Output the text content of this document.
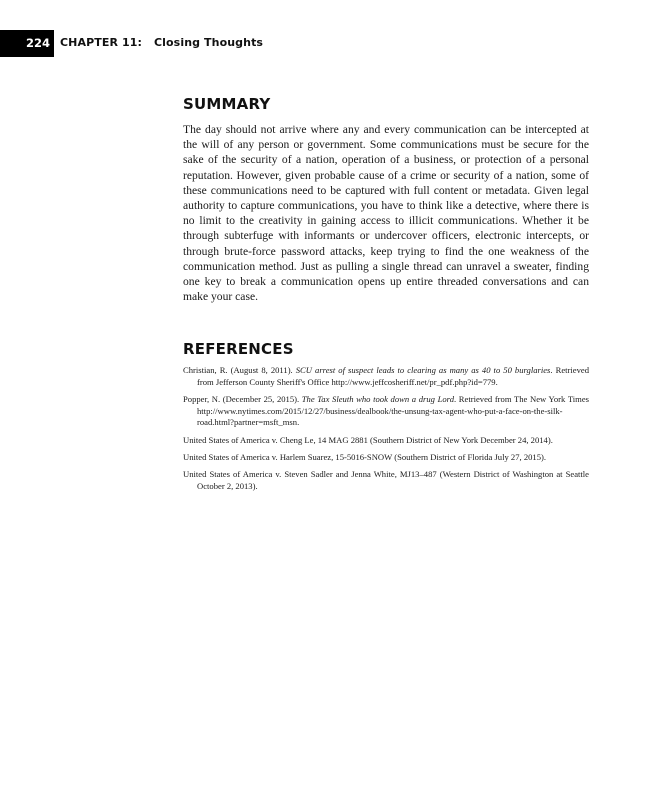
224 CHAPTER 11: Closing Thoughts
SUMMARY

The day should not arrive where any and every communication can be intercepted at the will of any person or government. Some communications must be secure for the sake of the security of a nation, operation of a business, or protection of a personal reputation. However, given probable cause of a crime or security of a nation, some of these communications need to be captured with full content or metadata. Given legal authority to capture communications, you have to think like a detective, where there is no limit to the creativity in gaining access to illicit communications. Whether it be through subterfuge with informants or undercover officers, electronic intercepts, or through brute-force password attacks, keep trying to find the one weakness of the communication method. Just as pulling a single thread can unravel a sweater, finding one key to break a communication opens up entire threaded conversations and can make your case.

REFERENCES
Christian, R. (August 8, 2011). SCU arrest of suspect leads to clearing as many as 40 to 50 burglaries. Retrieved from Jefferson County Sheriff's Office http://www.jeffcosheriff.net/pr_pdf.php?id=779.
Popper, N. (December 25, 2015). The Tax Sleuth who took down a drug Lord. Retrieved from The New York Times http://www.nytimes.com/2015/12/27/business/dealbook/the-unsung-tax-agent-who-put-a-face-on-the-silk-road.html?partner=msft_msn.
United States of America v. Cheng Le, 14 MAG 2881 (Southern District of New York December 24, 2014).
United States of America v. Harlem Suarez, 15-5016-SNOW (Southern District of Florida July 27, 2015).
United States of America v. Steven Sadler and Jenna White, MJ13–487 (Western District of Washington at Seattle October 2, 2013).
